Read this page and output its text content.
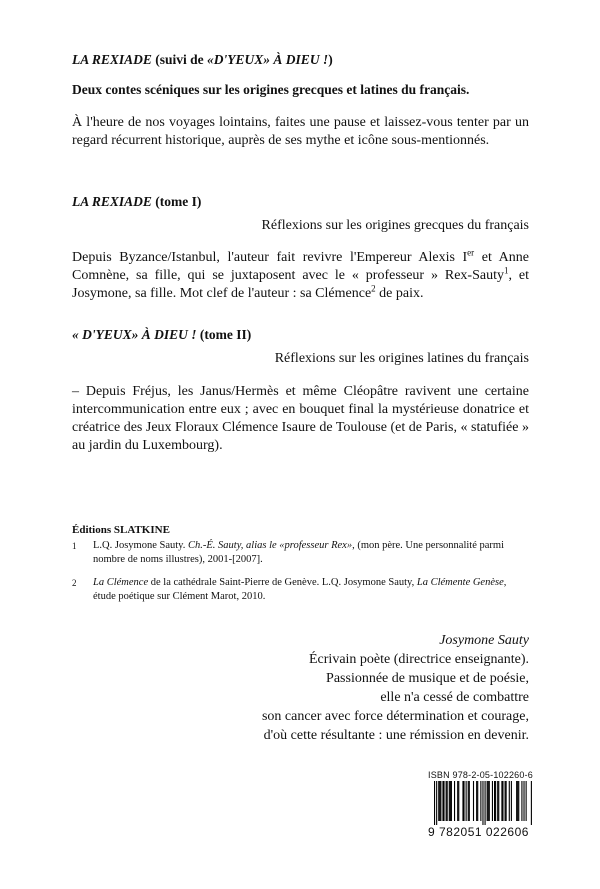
LA REXIADE (suivi de «D'YEUX» À DIEU !)
Deux contes scéniques sur les origines grecques et latines du français.
À l'heure de nos voyages lointains, faites une pause et laissez-vous tenter par un regard récurrent historique, auprès de ses mythe et icône sous-mentionnés.
LA REXIADE (tome I)
Réflexions sur les origines grecques du français
Depuis Byzance/Istanbul, l'auteur fait revivre l'Empereur Alexis Ier et Anne Comnène, sa fille, qui se juxtaposent avec le « professeur » Rex-Sauty$^1$, et Josymone, sa fille. Mot clef de l'auteur : sa Clémence$^2$ de paix.
« D'YEUX» À DIEU ! (tome II)
Réflexions sur les origines latines du français
– Depuis Fréjus, les Janus/Hermès et même Cléopâtre ravivent une certaine intercommunication entre eux ; avec en bouquet final la mystérieuse donatrice et créatrice des Jeux Floraux Clémence Isaure de Toulouse (et de Paris, « statufiée » au jardin du Luxembourg).
Éditions SLATKINE
1 L.Q. Josymone Sauty. Ch.-É. Sauty, alias le «professeur Rex», (mon père. Une personnalité parmi nombre de noms illustres), 2001-[2007].
2 La Clémence de la cathédrale Saint-Pierre de Genève. L.Q. Josymone Sauty, La Clémente Genèse, étude poétique sur Clément Marot, 2010.
Josymone Sauty
Écrivain poète (directrice enseignante).
Passionnée de musique et de poésie,
elle n'a cessé de combattre
son cancer avec force détermination et courage,
d'où cette résultante : une rémission en devenir.
ISBN 978-2-05-102260-6
9 782051 022606
